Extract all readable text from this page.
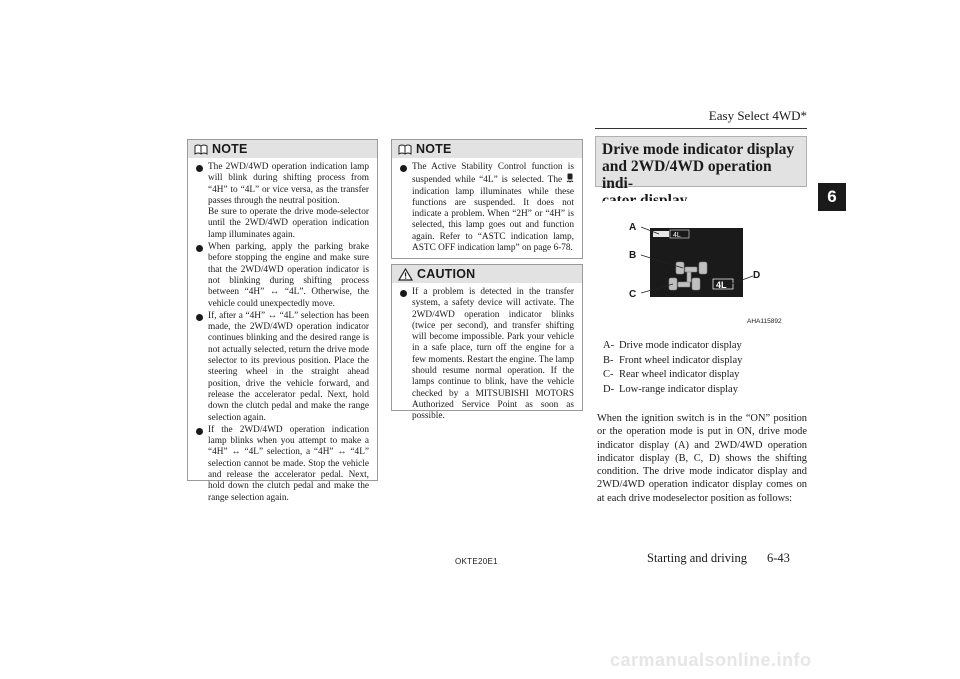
Easy Select 4WD*
6
NOTE

The 2WD/4WD operation indication lamp will blink during shifting process from “4H” to “4L” or vice versa, as the transfer passes through the neutral position.

Be sure to operate the drive mode-selector until the 2WD/4WD operation indication lamp illuminates again.

When parking, apply the parking brake before stopping the engine and make sure that the 2WD/4WD operation indicator is not blinking during shifting process between “4H” ↔ “4L”. Otherwise, the vehicle could unexpectedly move.

If, after a “4H” ↔ “4L” selection has been made, the 2WD/4WD operation indicator continues blinking and the desired range is not actually selected, return the drive mode selector to its previous position. Place the steering wheel in the straight ahead position, drive the vehicle forward, and release the accelerator pedal. Next, hold down the clutch pedal and make the range selection again.

If the 2WD/4WD operation indication lamp blinks when you attempt to make a “4H” ↔ “4L” selection, a “4H” ↔ “4L” selection cannot be made. Stop the vehicle and release the accelerator pedal. Next, hold down the clutch pedal and make the range selection again.

NOTE

The Active Stability Control function is suspended while “4L” is selected. The  indication lamp illuminates while these functions are suspended. It does not indicate a problem. When “2H” or “4H” is selected, this lamp goes out and function again. Refer to “ASTC indication lamp, ASTC OFF indication lamp” on page 6-78.

CAUTION

If a problem is detected in the transfer system, a safety device will activate. The 2WD/4WD operation indicator blinks (twice per second), and transfer shifting will become impossible. Park your vehicle in a safe place, turn off the engine for a few moments. Restart the engine. The lamp should resume normal operation. If the lamps continue to blink, have the vehicle checked by a MITSUBISHI MOTORS Authorized Service Point as soon as possible.

Drive mode indicator display
and 2WD/4WD operation indi-
4L
4L
A
B
C
D
AHA115892
A- Drive mode indicator display
B- Front wheel indicator display
C- Rear wheel indicator display
D- Low-range indicator display
When the ignition switch is in the “ON” position or the operation mode is put in ON, drive mode indicator display (A) and 2WD/4WD operation indicator display (B, C, D) shows the shifting condition. The drive mode indicator display and 2WD/4WD operation indicator display comes on at each drive modeselector position as follows:
OKTE20E1	Starting and driving 6-43
carmanualsonline.info
